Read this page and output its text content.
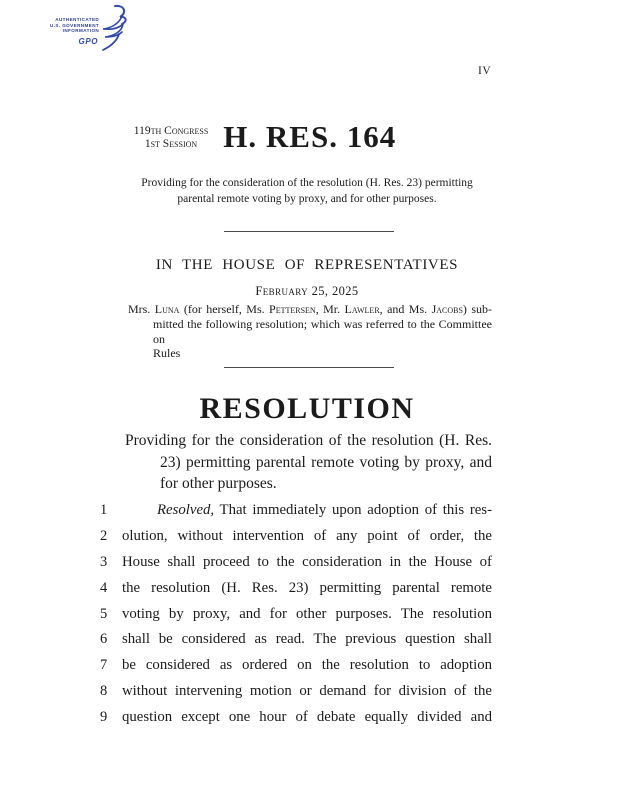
AUTHENTICATED
U.S. GOVERNMENT
INFORMATION
GPO
IV
119th Congress
1st Session H. RES. 164
Providing for the consideration of the resolution (H. Res. 23) permitting
parental remote voting by proxy, and for other purposes.
IN THE HOUSE OF REPRESENTATIVES
February 25, 2025
Mrs. Luna (for herself, Ms. Pettersen, Mr. Lawler, and Ms. Jacobs) sub-
mitted the following resolution; which was referred to the Committee on
Rules
RESOLUTION
Providing for the consideration of the resolution (H. Res.
23) permitting parental remote voting by proxy, and
for other purposes.
1	Resolved, That immediately upon adoption of this res-
2 olution, without intervention of any point of order, the
3 House shall proceed to the consideration in the House of
4 the resolution (H. Res. 23) permitting parental remote
5 voting by proxy, and for other purposes. The resolution
6 shall be considered as read. The previous question shall
7 be considered as ordered on the resolution to adoption
8 without intervening motion or demand for division of the
9 question except one hour of debate equally divided and
